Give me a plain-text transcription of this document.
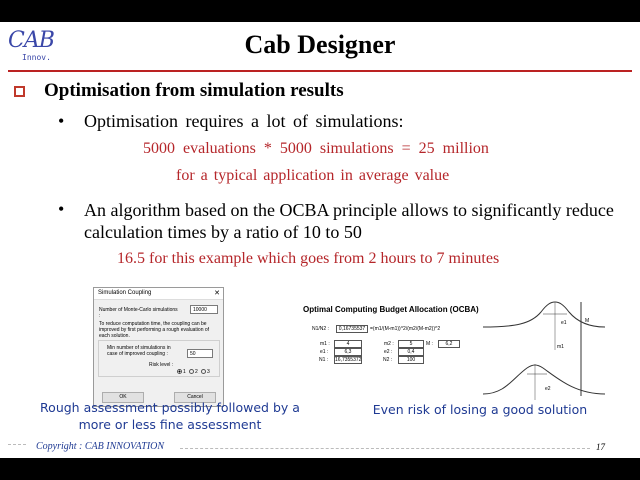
CAB
Innov.	Cab Designer
Optimisation from simulation results
• Optimisation requires a lot of simulations:
5000 evaluations * 5000 simulations = 25 million
for a typical application in average value
• An algorithm based on the OCBA principle allows to significantly reduce calculation times by a ratio of 10 to 50
16.5 for this example which goes from 2 hours to 7 minutes
Simulation Coupling	✕
Number of Monte-Carlo simulations :
10000
To reduce computation time, the coupling can be improved by first performing a rough evaluation of each solution.
Min number of simulations in case of improved coupling :	50
Risk level :
1	2	3
OK	Cancel
Optimal Computing Budget Allocation (OCBA)
N1/N2 :	0,16735537 =(m1/(M-m1))^2/(m2/(M-m2))^2
m1 :	4
e1 :	6,3
N1 : 16,7355372
m2 :	5
e2 :	0,4
N2 :	100
M :	6,2
e1
m1
M
e2
Rough assessment possibly followed by a more or less fine assessment
Even risk of losing a good solution
Copyright : CAB INNOVATION	17
